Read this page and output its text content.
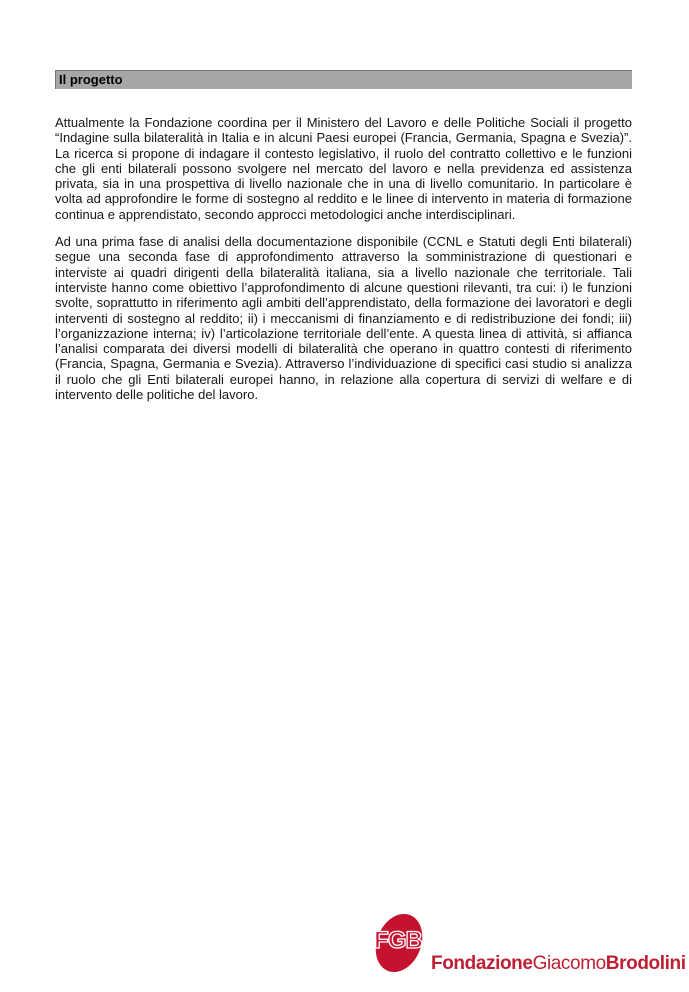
Il progetto

Attualmente la Fondazione coordina per il Ministero del Lavoro e delle Politiche Sociali il progetto “Indagine sulla bilateralità in Italia e in alcuni Paesi europei (Francia, Germania, Spagna e Svezia)”. La ricerca si propone di indagare il contesto legislativo, il ruolo del contratto collettivo e le funzioni che gli enti bilaterali possono svolgere nel mercato del lavoro e nella previdenza ed assistenza privata, sia in una prospettiva di livello nazionale che in una di livello comunitario. In particolare è volta ad approfondire le forme di sostegno al reddito e le linee di intervento in materia di formazione continua e apprendistato, secondo approcci metodologici anche interdisciplinari.

Ad una prima fase di analisi della documentazione disponibile (CCNL e Statuti degli Enti bilaterali) segue una seconda fase di approfondimento attraverso la somministrazione di questionari e interviste ai quadri dirigenti della bilateralità italiana, sia a livello nazionale che territoriale. Tali interviste hanno come obiettivo l’approfondimento di alcune questioni rilevanti, tra cui: i) le funzioni svolte, soprattutto in riferimento agli ambiti dell’apprendistato, della formazione dei lavoratori e degli interventi di sostegno al reddito; ii) i meccanismi di finanziamento e di redistribuzione dei fondi; iii) l’organizzazione interna; iv) l’articolazione territoriale dell’ente. A questa linea di attività, si affianca l’analisi comparata dei diversi modelli di bilateralità che operano in quattro contesti di riferimento (Francia, Spagna, Germania e Svezia). Attraverso l’individuazione di specifici casi studio si analizza il ruolo che gli Enti bilaterali europei hanno, in relazione alla copertura di servizi di welfare e di intervento delle politiche del lavoro.

FGB
FondazioneGiacomoBrodolini
